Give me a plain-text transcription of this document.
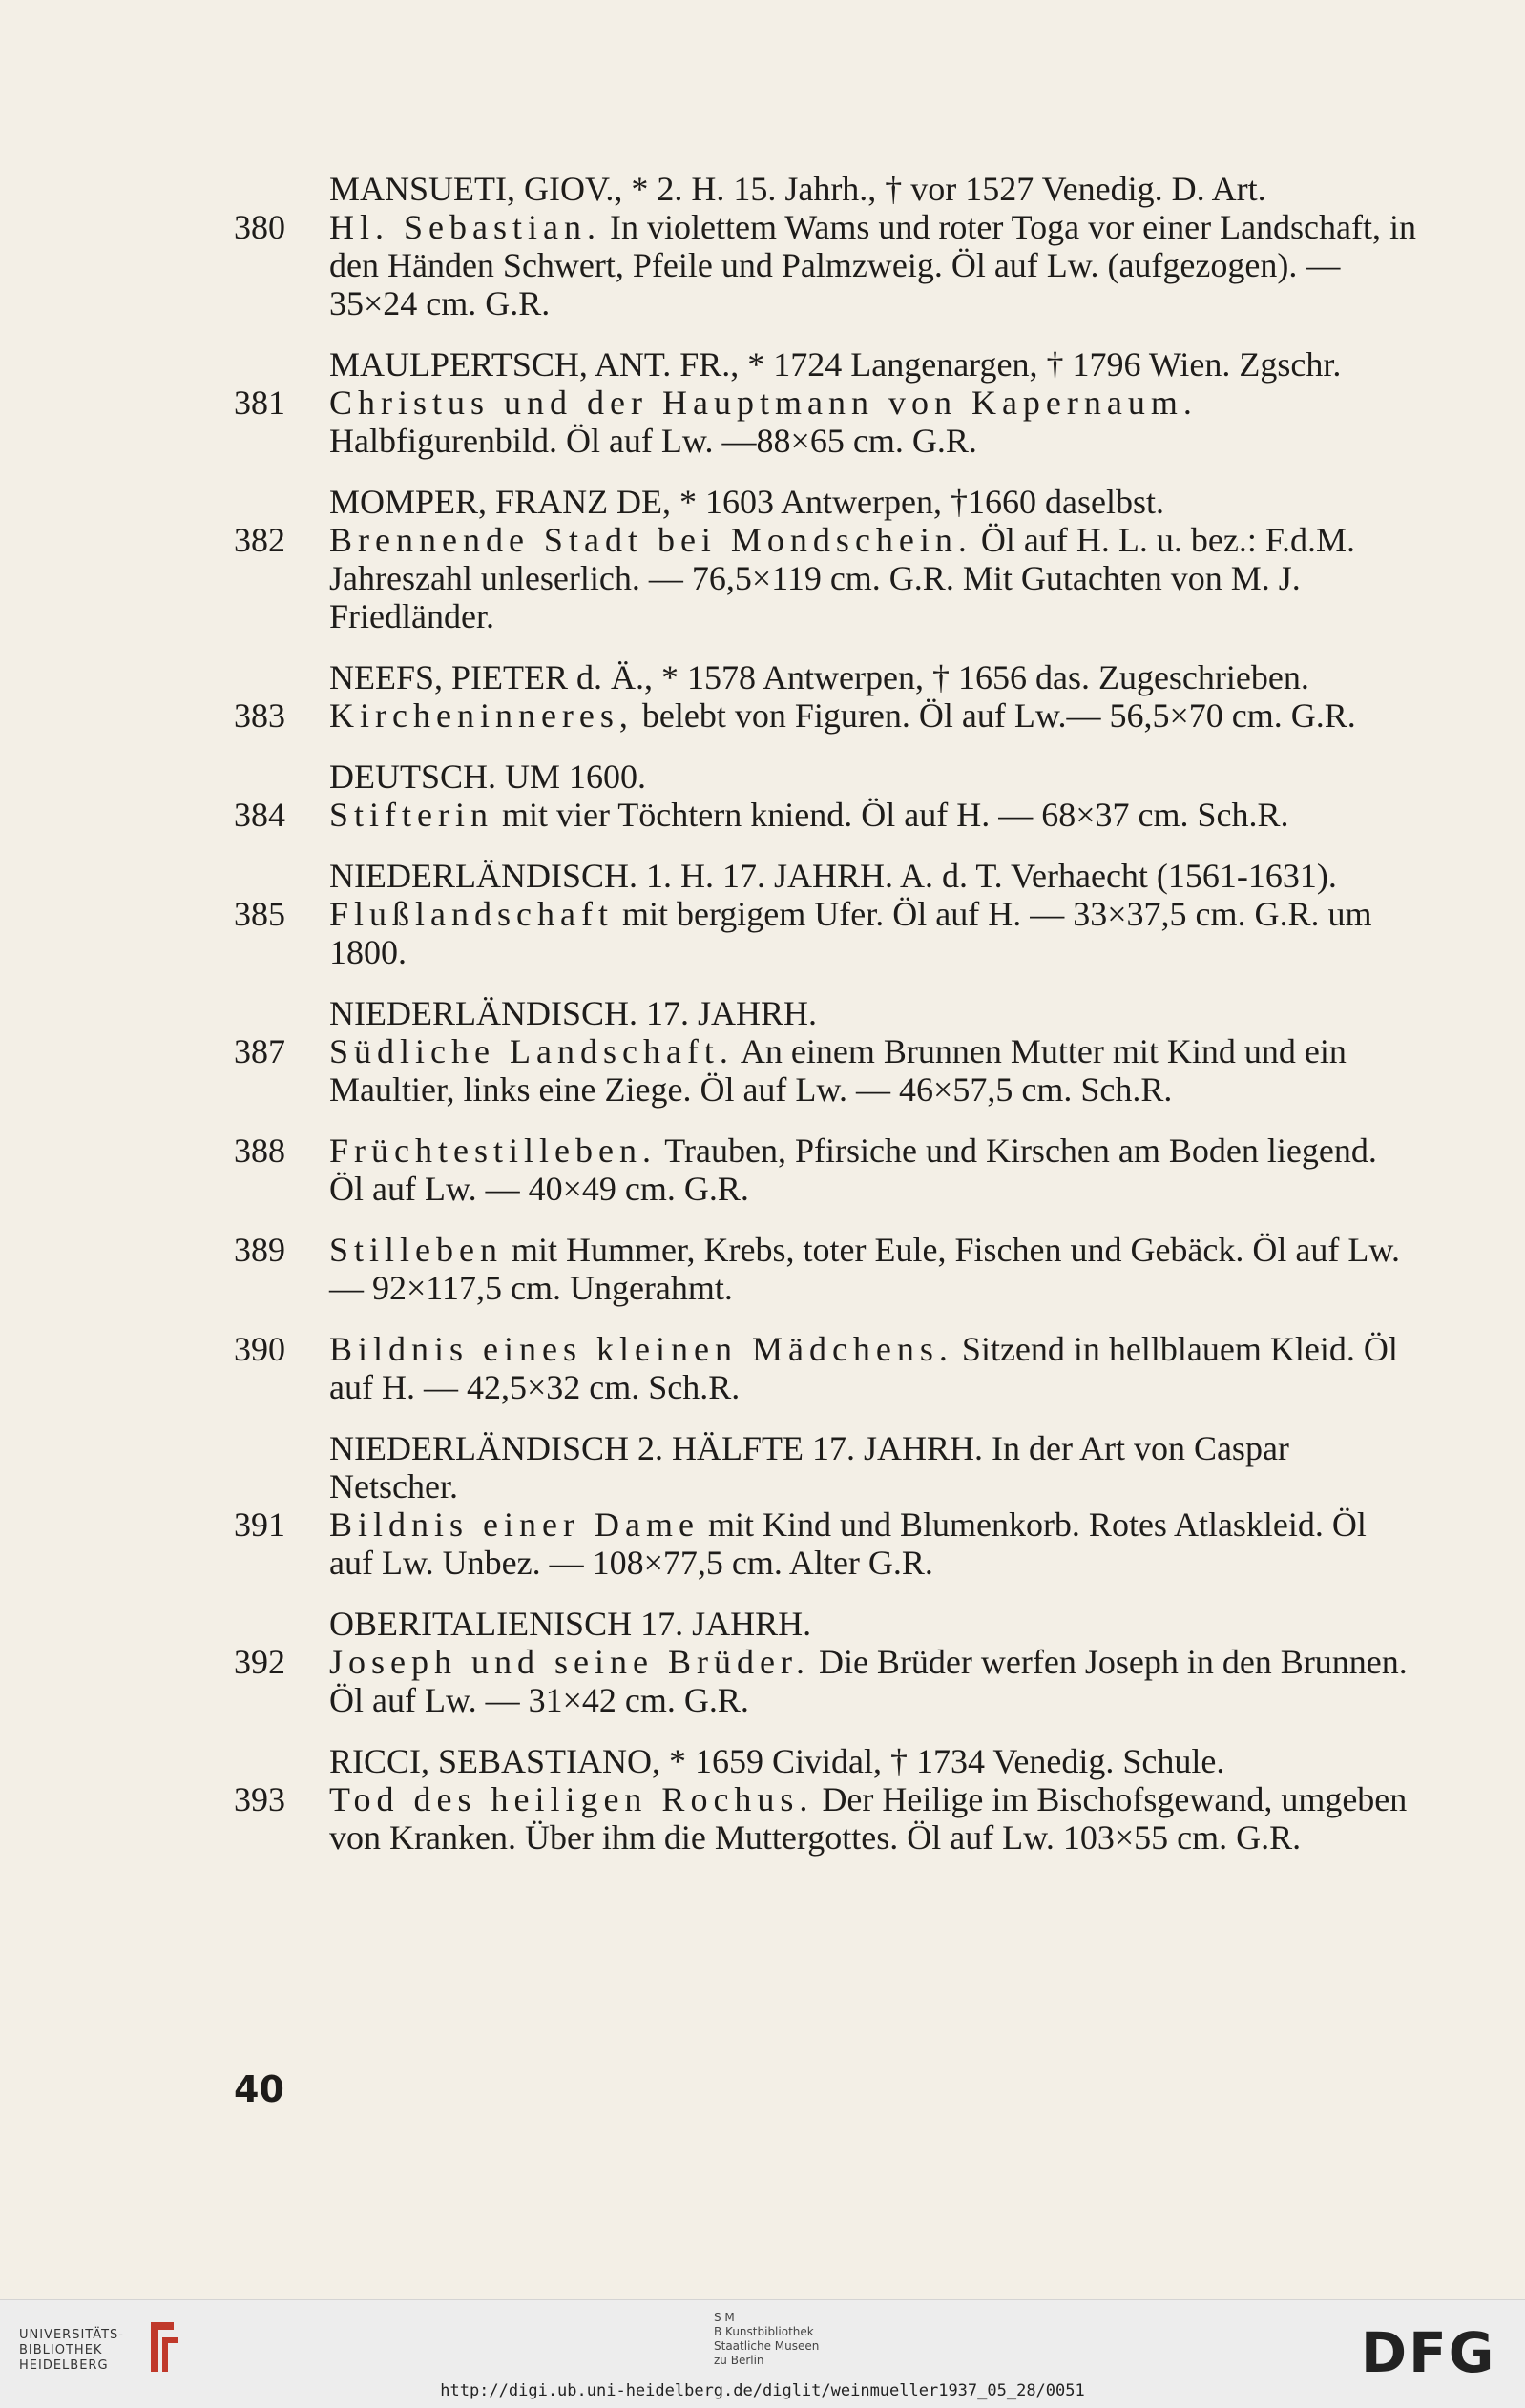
MANSUETI, GIOV., * 2. H. 15. Jahrh., † vor 1527 Venedig. D. Art.
380	Hl. Sebastian. In violettem Wams und roter Toga vor einer Landschaft, in den Händen Schwert, Pfeile und Palmzweig. Öl auf Lw. (aufgezogen). — 35×24 cm. G.R.
MAULPERTSCH, ANT. FR., * 1724 Langenargen, † 1796 Wien. Zgschr.
381	Christus und der Hauptmann von Kapernaum. Halbfigurenbild. Öl auf Lw. —88×65 cm. G.R.
MOMPER, FRANZ DE, * 1603 Antwerpen, †1660 daselbst.
382	Brennende Stadt bei Mondschein. Öl auf H. L. u. bez.: F.d.M. Jahreszahl unleserlich. — 76,5×119 cm. G.R. Mit Gutachten von M. J. Friedländer.
NEEFS, PIETER d. Ä., * 1578 Antwerpen, † 1656 das. Zugeschrieben.
383	Kircheninneres, belebt von Figuren. Öl auf Lw.— 56,5×70 cm. G.R.
DEUTSCH. UM 1600.
384	Stifterin mit vier Töchtern kniend. Öl auf H. — 68×37 cm. Sch.R.
NIEDERLÄNDISCH. 1. H. 17. JAHRH. A. d. T. Verhaecht (1561-1631).
385	Flußlandschaft mit bergigem Ufer. Öl auf H. — 33×37,5 cm. G.R. um 1800.
NIEDERLÄNDISCH. 17. JAHRH.
387	Südliche Landschaft. An einem Brunnen Mutter mit Kind und ein Maultier, links eine Ziege. Öl auf Lw. — 46×57,5 cm. Sch.R.
388	Früchtestilleben. Trauben, Pfirsiche und Kirschen am Boden liegend. Öl auf Lw. — 40×49 cm. G.R.
389	Stilleben mit Hummer, Krebs, toter Eule, Fischen und Gebäck. Öl auf Lw. — 92×117,5 cm. Ungerahmt.
390	Bildnis eines kleinen Mädchens. Sitzend in hellblauem Kleid. Öl auf H. — 42,5×32 cm. Sch.R.
NIEDERLÄNDISCH 2. HÄLFTE 17. JAHRH. In der Art von Caspar Netscher.
391	Bildnis einer Dame mit Kind und Blumenkorb. Rotes Atlaskleid. Öl auf Lw. Unbez. — 108×77,5 cm. Alter G.R.
OBERITALIENISCH 17. JAHRH.
392	Joseph und seine Brüder. Die Brüder werfen Joseph in den Brunnen. Öl auf Lw. — 31×42 cm. G.R.
RICCI, SEBASTIANO, * 1659 Cividal, † 1734 Venedig. Schule.
393	Tod des heiligen Rochus. Der Heilige im Bischofsgewand, umgeben von Kranken. Über ihm die Muttergottes. Öl auf Lw. 103×55 cm. G.R.
40
UNIVERSITÄTS-
BIBLIOTHEK
HEIDELBERG
S M
B Kunstbibliothek
Staatliche Museen
zu Berlin	DFG
http://digi.ub.uni-heidelberg.de/diglit/weinmueller1937_05_28/0051
